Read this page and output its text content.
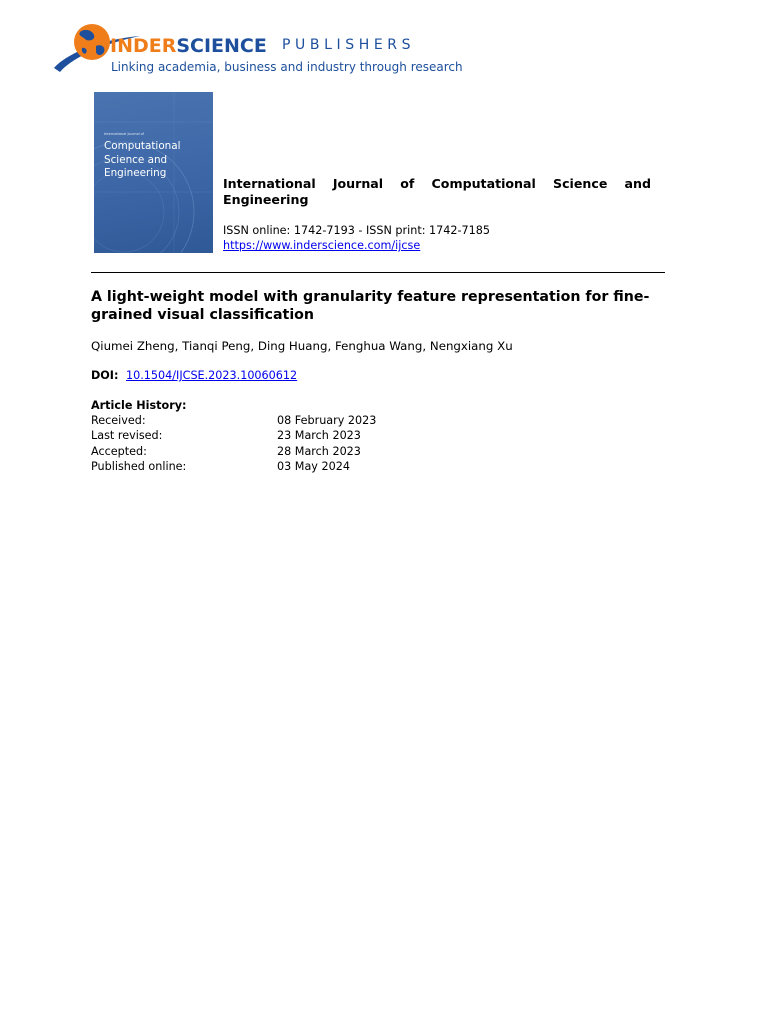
INDERSCIENCE PUBLISHERS
Linking academia, business and industry through research
International Journal of
Computational Science and Engineering

International Journal of Computational Science and Engineering

ISSN online: 1742-7193 - ISSN print: 1742-7185

https://www.inderscience.com/ijcse
A light-weight model with granularity feature representation for fine-grained visual classification
Qiumei Zheng, Tianqi Peng, Ding Huang, Fenghua Wang, Nengxiang Xu
DOI: 10.1504/IJCSE.2023.10060612
Article History:
Received:	08 February 2023
Last revised:	23 March 2023
Accepted:	28 March 2023
Published online:	03 May 2024
